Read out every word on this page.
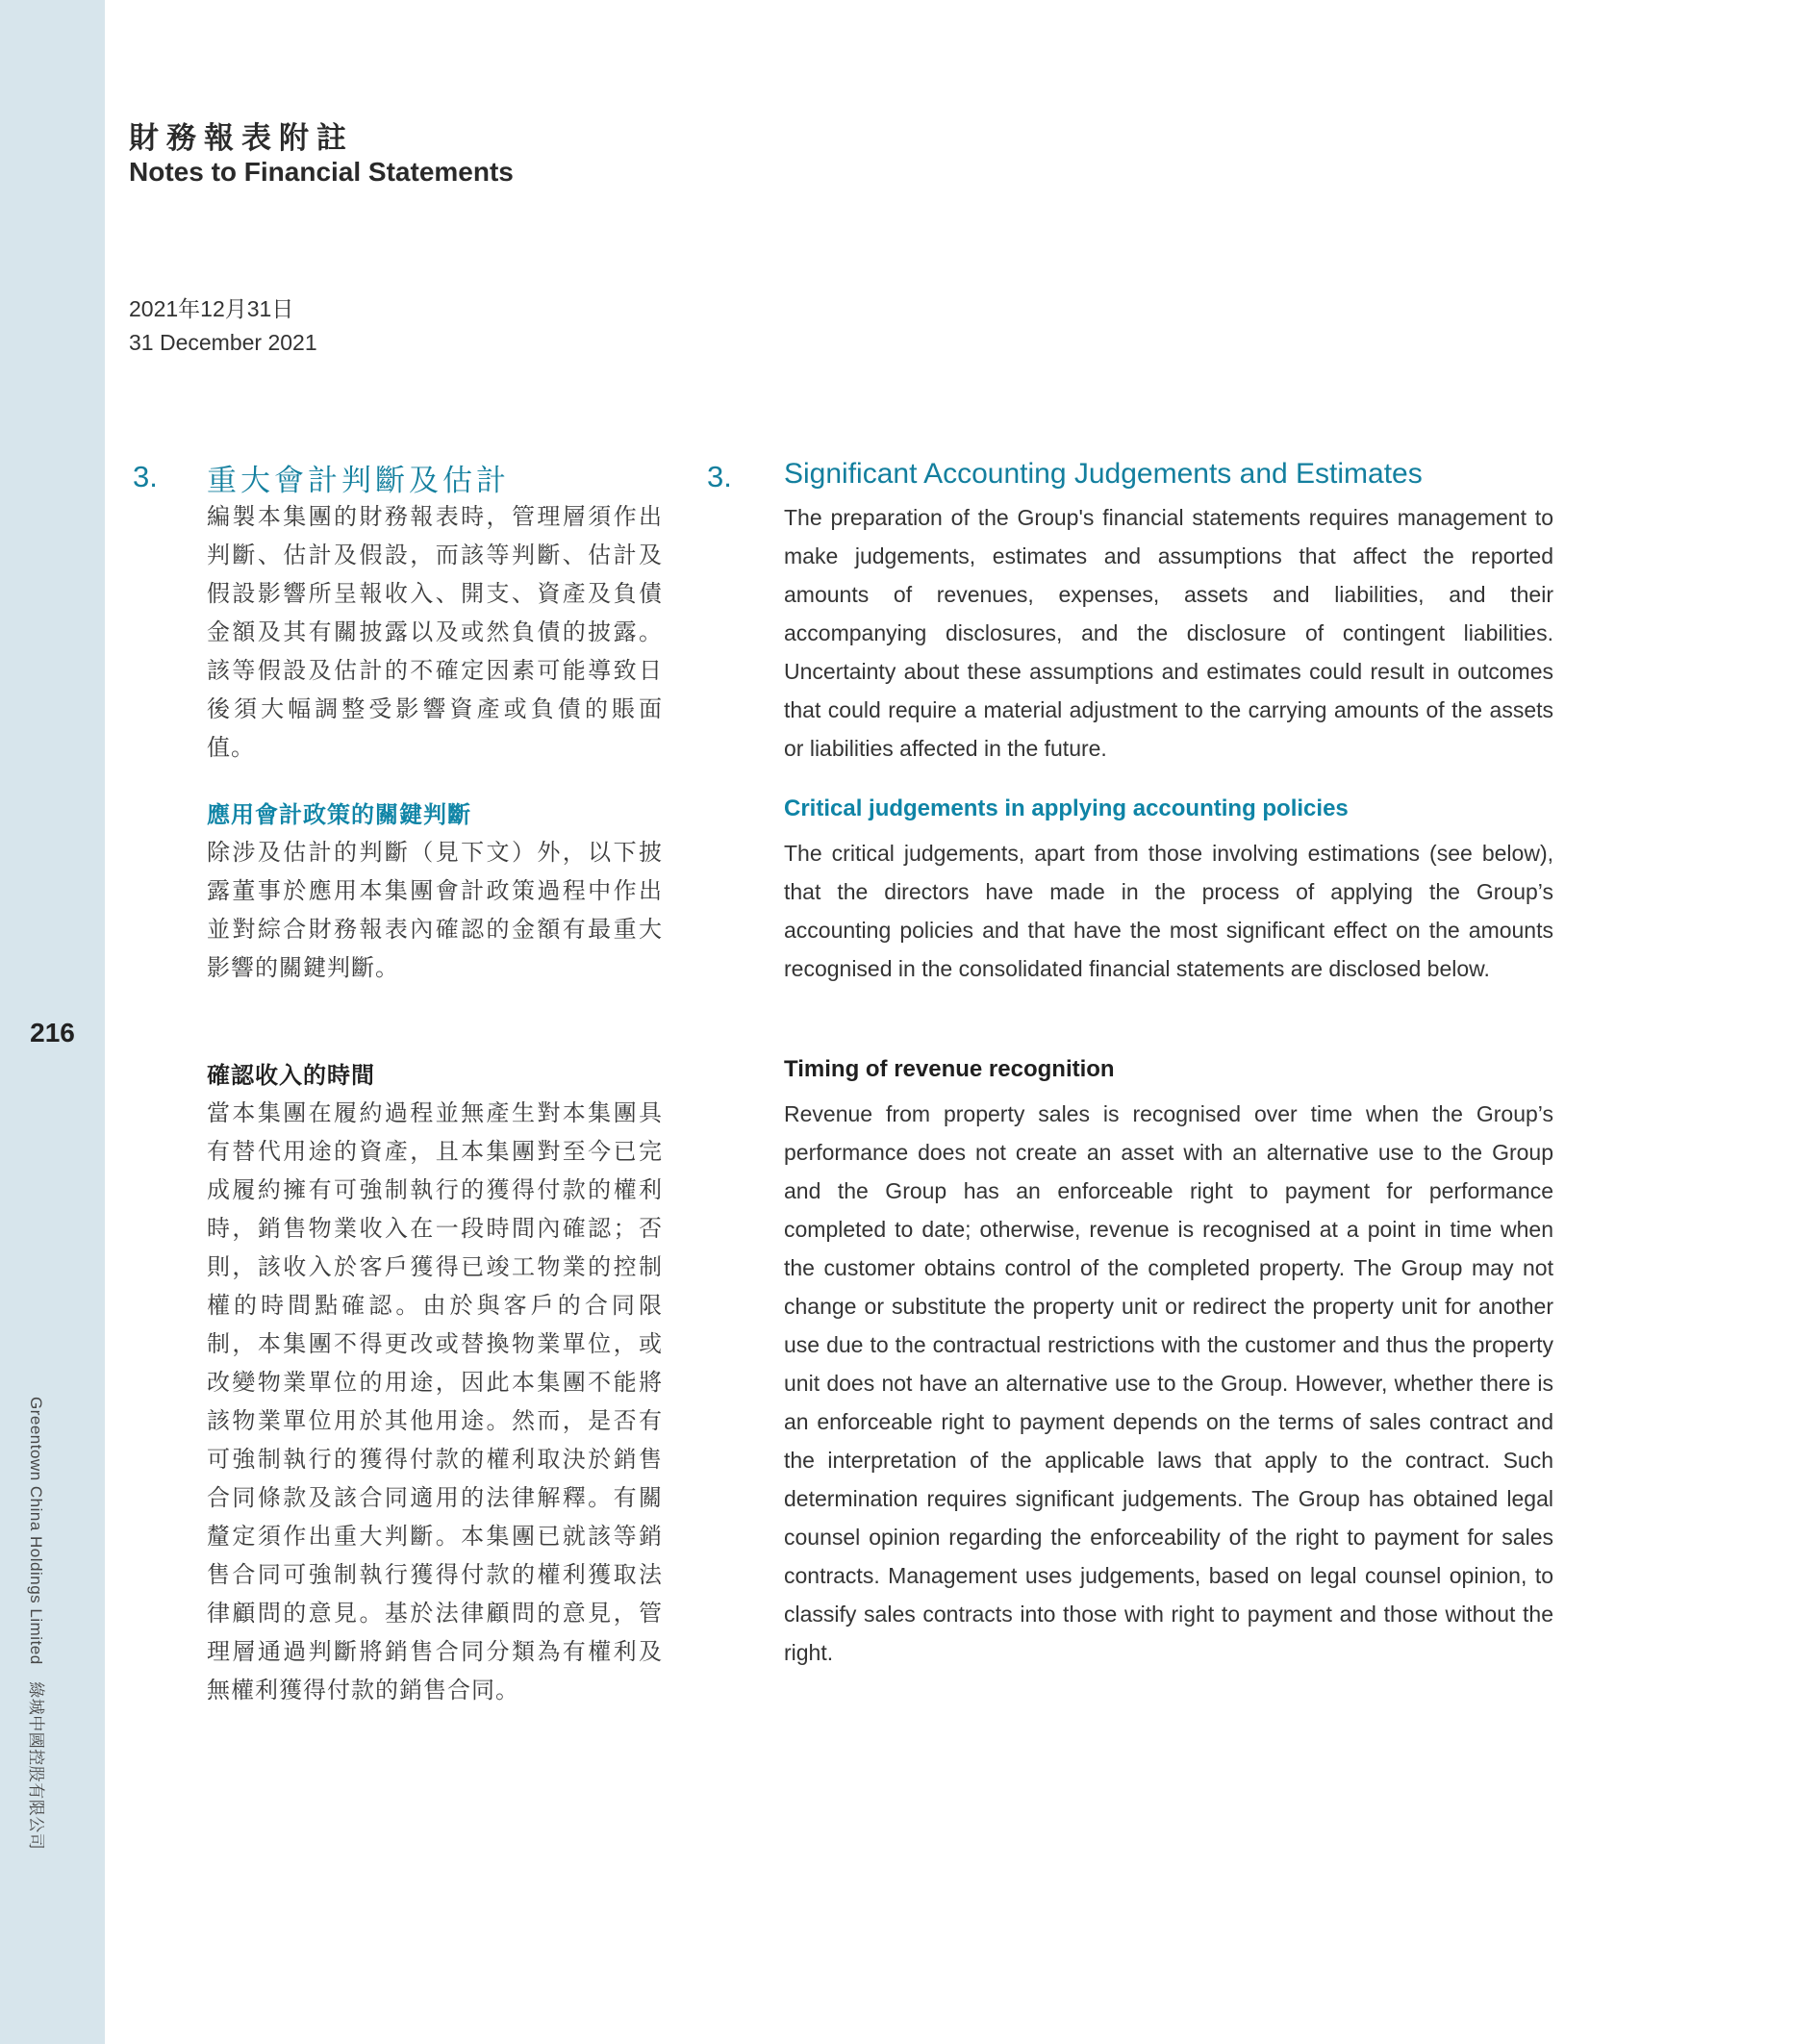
216
Greentown China Holdings Limited　綠城中國控股有限公司
財務報表附註
Notes to Financial Statements
2021年12月31日
31 December 2021
3. 重大會計判斷及估計	3. Significant Accounting Judgements and Estimates
編製本集團的財務報表時，管理層須作出判斷、估計及假設，而該等判斷、估計及假設影響所呈報收入、開支、資產及負債金額及其有關披露以及或然負債的披露。該等假設及估計的不確定因素可能導致日後須大幅調整受影響資產或負債的賬面值。
The preparation of the Group's financial statements requires management to make judgements, estimates and assumptions that affect the reported amounts of revenues, expenses, assets and liabilities, and their accompanying disclosures, and the disclosure of contingent liabilities. Uncertainty about these assumptions and estimates could result in outcomes that could require a material adjustment to the carrying amounts of the assets or liabilities affected in the future.
應用會計政策的關鍵判斷	Critical judgements in applying accounting policies
除涉及估計的判斷（見下文）外，以下披露董事於應用本集團會計政策過程中作出並對綜合財務報表內確認的金額有最重大影響的關鍵判斷。
The critical judgements, apart from those involving estimations (see below), that the directors have made in the process of applying the Group’s accounting policies and that have the most significant effect on the amounts recognised in the consolidated financial statements are disclosed below.
確認收入的時間	Timing of revenue recognition
當本集團在履約過程並無產生對本集團具有替代用途的資產，且本集團對至今已完成履約擁有可強制執行的獲得付款的權利時，銷售物業收入在一段時間內確認；否則，該收入於客戶獲得已竣工物業的控制權的時間點確認。由於與客戶的合同限制，本集團不得更改或替換物業單位，或改變物業單位的用途，因此本集團不能將該物業單位用於其他用途。然而，是否有可強制執行的獲得付款的權利取決於銷售合同條款及該合同適用的法律解釋。有關釐定須作出重大判斷。本集團已就該等銷售合同可強制執行獲得付款的權利獲取法律顧問的意見。基於法律顧問的意見，管理層通過判斷將銷售合同分類為有權利及無權利獲得付款的銷售合同。
Revenue from property sales is recognised over time when the Group’s performance does not create an asset with an alternative use to the Group and the Group has an enforceable right to payment for performance completed to date; otherwise, revenue is recognised at a point in time when the customer obtains control of the completed property. The Group may not change or substitute the property unit or redirect the property unit for another use due to the contractual restrictions with the customer and thus the property unit does not have an alternative use to the Group. However, whether there is an enforceable right to payment depends on the terms of sales contract and the interpretation of the applicable laws that apply to the contract. Such determination requires significant judgements. The Group has obtained legal counsel opinion regarding the enforceability of the right to payment for sales contracts. Management uses judgements, based on legal counsel opinion, to classify sales contracts into those with right to payment and those without the right.
